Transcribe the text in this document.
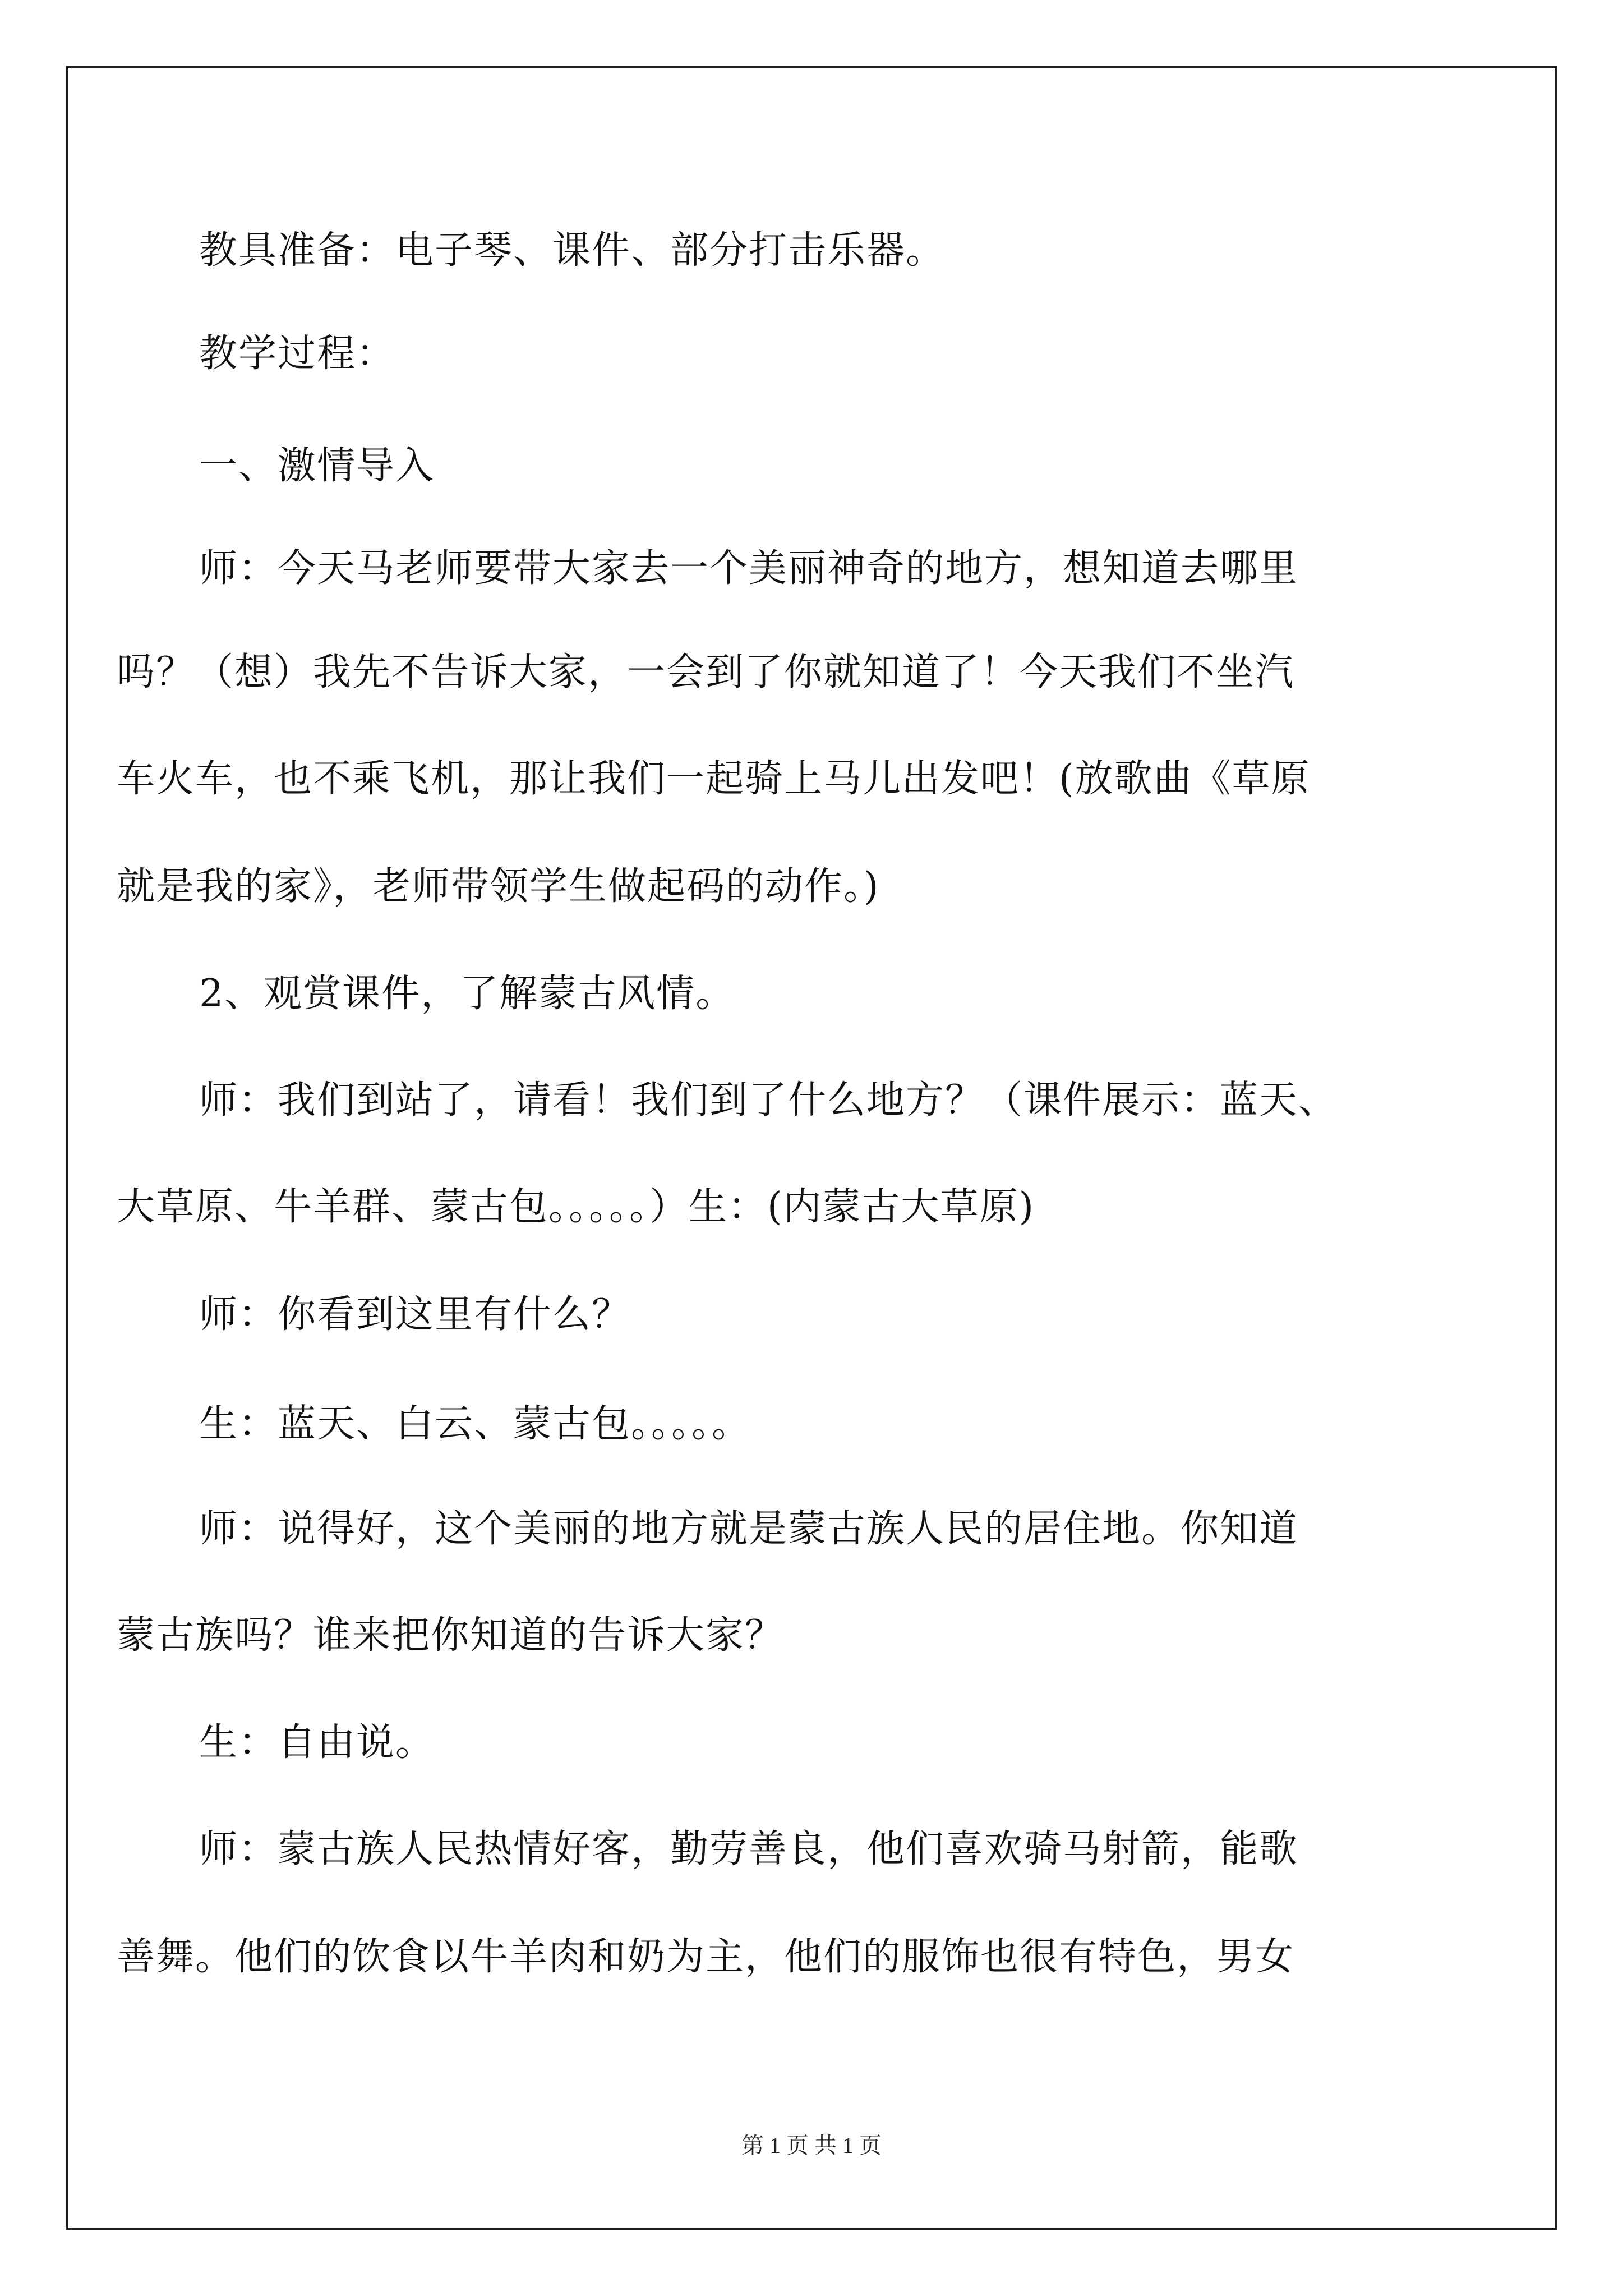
教具准备：电子琴、课件、部分打击乐器。

教学过程：

一、激情导入

师：今天马老师要带大家去一个美丽神奇的地方，想知道去哪里

吗？（想）我先不告诉大家，一会到了你就知道了！今天我们不坐汽

车火车，也不乘飞机，那让我们一起骑上马儿出发吧！(放歌曲《草原

就是我的家》，老师带领学生做起码的动作。)

2、观赏课件，了解蒙古风情。

师：我们到站了，请看！我们到了什么地方？（课件展示：蓝天、

大草原、牛羊群、蒙古包。。。。。）生：(内蒙古大草原)

师：你看到这里有什么？

生：蓝天、白云、蒙古包。。。。。

师：说得好，这个美丽的地方就是蒙古族人民的居住地。你知道

蒙古族吗？谁来把你知道的告诉大家？

生：自由说。

师：蒙古族人民热情好客，勤劳善良，他们喜欢骑马射箭，能歌

善舞。他们的饮食以牛羊肉和奶为主，他们的服饰也很有特色，男女

第 1 页 共 1 页
